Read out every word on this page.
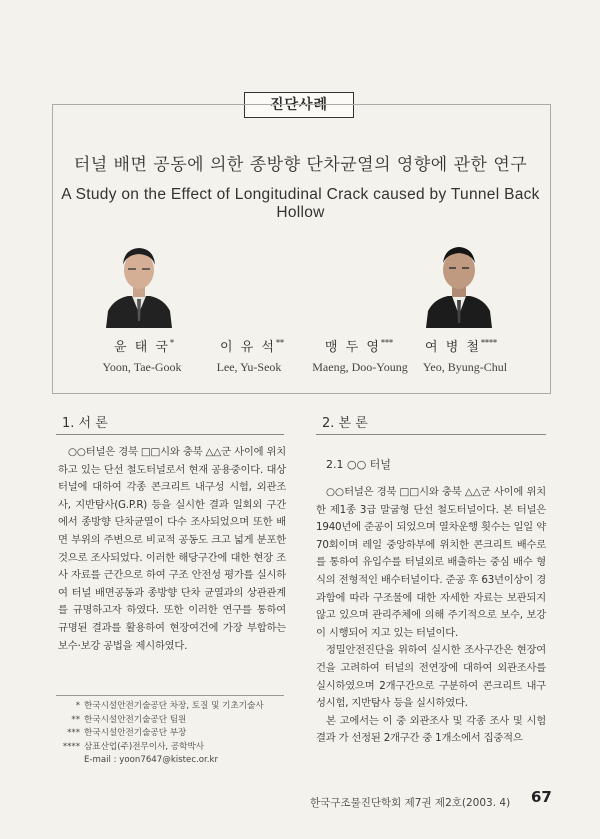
진단사례
터널 배면 공동에 의한 종방향 단차균열의 영향에 관한 연구
A Study on the Effect of Longitudinal Crack caused by Tunnel Back Hollow
윤 태 국*	이 유 석**	맹 두 영***	여 병 철****
Yoon, Tae-Gook	Lee, Yu-Seok	Maeng, Doo-Young	Yeo, Byung-Chul
1. 서 론

○○터널은 경북 □□시와 충북 △△군 사이에 위치하고 있는 단선 철도터널로서 현재 공용중이다. 대상 터널에 대하여 각종 콘크리트 내구성 시험, 외관조사, 지반탐사(G.P.R) 등을 실시한 결과 일회외 구간에서 종방향 단차균열이 다수 조사되었으며 또한 배면 부위의 주변으로 비교적 공동도 크고 넓게 분포한 것으로 조사되었다. 이러한 해당구간에 대한 현장 조사 자료를 근간으로 하여 구조 안전성 평가를 실시하여 터널 배면공동과 종방향 단차 균열과의 상관관계를 규명하고자 하였다. 또한 이러한 연구를 통하여 규명된 결과를 활용하여 현장여건에 가장 부합하는 보수·보강 공법을 제시하였다.

* 한국시설안전기술공단 차장, 토질 및 기초기술사
** 한국시설안전기술공단 팀원
*** 한국시설안전기술공단 부장
**** 삼표산업(주)전무이사, 공학박사
E-mail : yoon7647@kistec.or.kr
2. 본 론
2.1 ○○ 터널

○○터널은 경북 □□시와 충북 △△군 사이에 위치한 제1종 3급 말굽형 단선 철도터널이다. 본 터널은 1940년에 준공이 되었으며 열차운행 횟수는 일일 약 70회이며 레일 중앙하부에 위치한 콘크리트 배수로를 통하여 유입수를 터널외로 배출하는 중심 배수 형식의 전형적인 배수터널이다. 준공 후 63년이상이 경과함에 따라 구조물에 대한 자세한 자료는 보관되지 않고 있으며 관리주체에 의해 주기적으로 보수, 보강이 시행되어 지고 있는 터널이다.

정밀안전진단을 위하여 실시한 조사구간은 현장여건을 고려하여 터널의 전연장에 대하여 외관조사를 실시하였으며 2개구간으로 구분하여 콘크리트 내구성시험, 지반탐사 등을 실시하였다.

본 고에서는 이 중 외관조사 및 각종 조사 및 시험 결과 가 선정된 2개구간 중 1개소에서 집중적으

한국구조물진단학회 제7권 제2호(2003. 4) 67
